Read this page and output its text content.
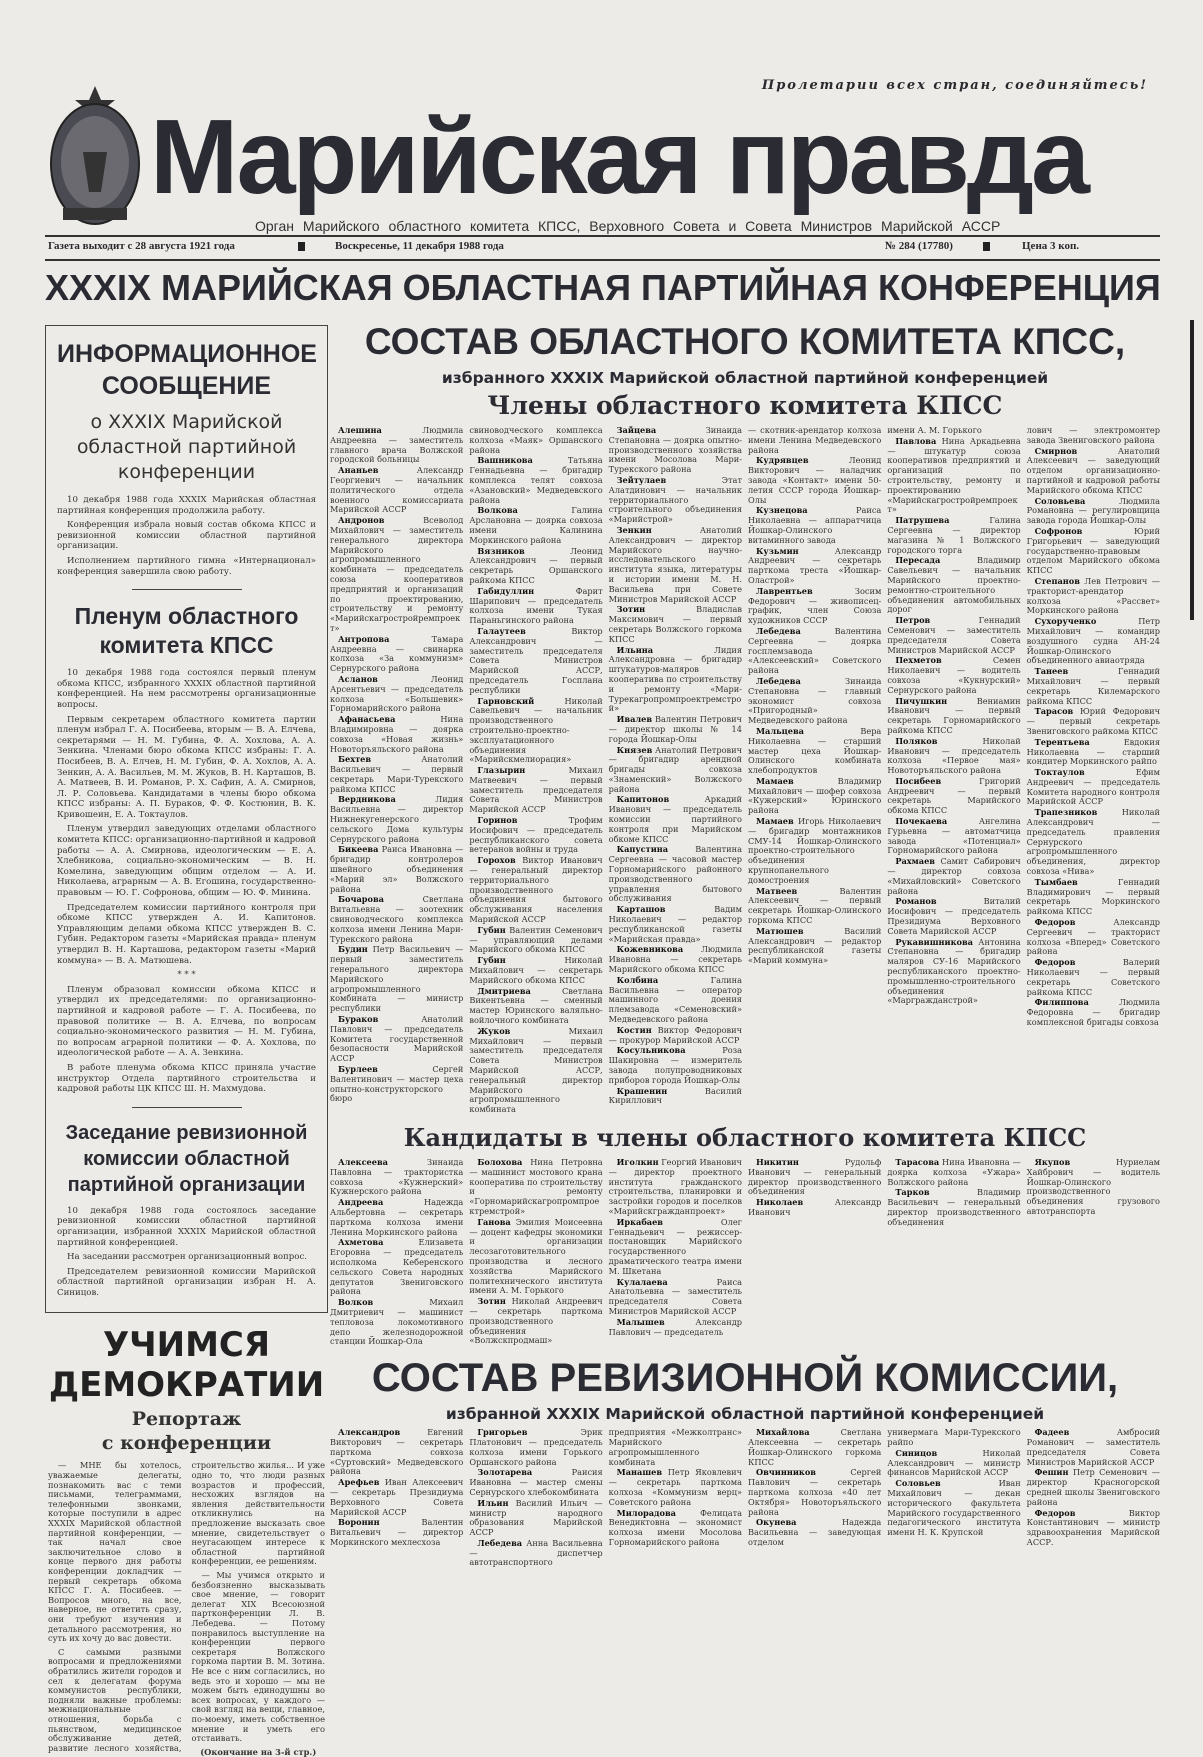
Пролетарии всех стран, соединяйтесь!
Марийская правда
Орган Марийского областного комитета КПСС, Верховного Совета и Совета Министров Марийской АССР
Газета выходит с 28 августа 1921 года	Воскресенье, 11 декабря 1988 года	№ 284 (17780)	Цена 3 коп.
XXXIX МАРИЙСКАЯ ОБЛАСТНАЯ ПАРТИЙНАЯ КОНФЕРЕНЦИЯ
ИНФОРМАЦИОННОЕ
СООБЩЕНИЕ
о XXXIX Марийской областной партийной конференции

10 декабря 1988 года XXXIX Марийская областная партийная конференция продолжила работу.

Конференция избрала новый состав обкома КПСС и ревизионной комиссии областной партийной организации.

Исполнением партийного гимна «Интернационал» конференция завершила свою работу.

Пленум областного
комитета КПСС

10 декабря 1988 года состоялся первый пленум обкома КПСС, избранного XXXIX областной партийной конференцией. На нем рассмотрены организационные вопросы.

Первым секретарем областного комитета партии пленум избрал Г. А. Посибеева, вторым — В. А. Елчева, секретарями — Н. М. Губина, Ф. А. Хохлова, А. А. Зенкина. Членами бюро обкома КПСС избраны: Г. А. Посибеев, В. А. Елчев, Н. М. Губин, Ф. А. Хохлов, А. А. Зенкин, А. А. Васильев, М. М. Жуков, В. Н. Карташов, В. А. Матвеев, В. И. Романов, Р. Х. Сафин, А. А. Смирнов, Л. Р. Соловьева. Кандидатами в члены бюро обкома КПСС избраны: А. П. Бураков, Ф. Ф. Костюнин, В. К. Кривошеин, Е. А. Токтаулов.

Пленум утвердил заведующих отделами областного комитета КПСС: организационно-партийной и кадровой работы — А. А. Смирнова, идеологическим — Е. А. Хлебникова, социально-экономическим — В. Н. Комелина, заведующим общим отделом — А. И. Николаева, аграрным — А. В. Егошина, государственно-правовым — Ю. Г. Софронова, общим — Ю. Ф. Минина.

Председателем комиссии партийного контроля при обкоме КПСС утвержден А. И. Капитонов. Управляющим делами обкома КПСС утвержден В. С. Губин. Редактором газеты «Марийская правда» пленум утвердил В. Н. Карташова, редактором газеты «Марий коммуна» — В. А. Матюшева.

* * *

Пленум образовал комиссии обкома КПСС и утвердил их председателями: по организационно-партийной и кадровой работе — Г. А. Посибеева, по правовой политике — В. А. Елчева, по вопросам социально-экономического развития — Н. М. Губина, по вопросам аграрной политики — Ф. А. Хохлова, по идеологической работе — А. А. Зенкина.

В работе пленума обкома КПСС приняла участие инструктор Отдела партийного строительства и кадровой работы ЦК КПСС Ш. Н. Махмудова.

Заседание ревизионной
комиссии областной
партийной организации

10 декабря 1988 года состоялось заседание ревизионной комиссии областной партийной организации, избранной XXXIX Марийской областной партийной конференцией.

На заседании рассмотрен организационный вопрос.

Председателем ревизионной комиссии Марийской областной партийной организации избран Н. А. Синицов.

УЧИМСЯ
ДЕМОКРАТИИ
Репортаж
с конференции

— МНЕ бы хотелось, уважаемые делегаты, познакомить вас с теми письмами, телеграммами, телефонными звонками, которые поступили в адрес XXXIX Марийской областной партийной конференции, — так начал свое заключительное слово в конце первого дня работы конференции докладчик — первый секретарь обкома КПСС Г. А. Посибеев. — Вопросов много, на все, наверное, не ответить сразу, они требуют изучения и детального рассмотрения, но суть их хочу до вас довести.

С самыми разными вопросами и предложениями обратились жители городов и сел к делегатам форума коммунистов республики, подняли важные проблемы: межнациональные отношения, борьба с пьянством, медицинское обслуживание детей, развитие лесного хозяйства, строительство жилья... И уже одно то, что люди разных возрастов и профессий, несхожих взглядов на явления действительности откликнулись на предложение высказать свое мнение, свидетельствует о неугасающем интересе к областной партийной конференции, ее решениям.

— Мы учимся открыто и безбоязненно высказывать свое мнение, — говорит делегат XIX Всесоюзной партконференции Л. В. Лебедева. — Потому понравилось выступление на конференции первого секретаря Волжского горкома партии В. М. Зотина. Не все с ним согласились, но ведь это и хорошо — мы не можем быть единодушны во всех вопросах, у каждого — свой взгляд на вещи, главное, по-моему, иметь собственное мнение и уметь его отстаивать.

(Окончание на 3-й стр.)
СОСТАВ ОБЛАСТНОГО КОМИТЕТА КПСС,
избранного XXXIX Марийской областной партийной конференцией
Члены областного комитета КПСС

Алешина	Людмила Андреевна — заместитель главного врача Волжской городской больницы

Ананьев	Александр Георгиевич — начальник политического отдела военного комиссариата Марийской АССР

Андронов	Всеволод Михайлович — заместитель генерального директора Марийского агропромышленного комбината — председатель союза кооперативов предприятий и организаций по проектированию, строительству и ремонту «Марийскагростройремпроект»

Антропова	Тамара Андреевна — свинарка колхоза «За коммунизм» Сернурского района

Асланов	Леонид Арсентьевич — председатель колхоза «Большевик» Горномарийского района

Афанасьева	Нина Владимировна — доярка совхоза «Новая жизнь» Новоторъяльского района

Бехтев	Анатолий Васильевич — первый секретарь Мари-Турекского райкома КПСС

Вердникова	Лидия Васильевна — директор Нижнекугенерского сельского Дома культуры Сернурского района

Бикеева Раиса Ивановна — бригадир контролеров швейного объединения «Марий эл» Волжского района

Бочарова	Светлана Витальевна — зоотехник свиноводческого комплекса колхоза имени Ленина Мари-Турекского района

Будин Петр Васильевич — первый заместитель генерального директора Марийского агропромышленного комбината — министр республики

Бураков	Анатолий Павлович — председатель Комитета государственной безопасности Марийской АССР

Бурлеев	Сергей Валентинович — мастер цеха опытно-конструкторского бюро

свиноводческого комплекса колхоза «Маяк» Оршанского района

Вашникова	Татьяна Геннадьевна — бригадир комплекса телят совхоза «Азановский» Медведевского района

Волкова	Галина Арслановна — доярка совхоза имени Калинина Моркинского района

Вязников	Леонид Александрович — первый секретарь Оршанского райкома КПСС

Габидуллин	Фарит Шарипович — председатель колхоза имени Тукая Параньгинского района

Галаутеев	Виктор Александрович — заместитель председателя Совета Министров Марийской АССР, председатель Госплана республики

Гарновский	Николай Савельевич — начальник производственного строительно-проектно-эксплуатационного объединения «Марийскмелиорация»

Глазырин	Михаил Матвеевич — первый заместитель председателя Совета Министров Марийской АССР

Горинов	Трофим Иосифович — председатель республиканского совета ветеранов войны и труда

Горохов Виктор Иванович — генеральный директор территориального производственного объединения бытового обслуживания населения Марийской АССР

Губин Валентин Семенович — управляющий делами Марийского обкома КПСС

Губин	Николай Михайлович — секретарь Марийского обкома КПСС

Дмитриева	Светлана Викентьевна — сменный мастер Юринского валяльно-войлочного комбината

Жуков	Михаил Михайлович — первый заместитель председателя Совета Министров Марийской АССР, генеральный директор Марийского агропромышленного комбината

Зайцева	Зинаида Степановна — доярка опытно-производственного хозяйства имени Мосолова Мари-Турекского района

Зейтулаев	Этат Алатдинович — начальник территориального строительного объединения «Марийстрой»

Зенкин	Анатолий Александрович — директор Марийского научно-исследовательского института языка, литературы и истории имени М. Н. Васильева при Совете Министров Марийской АССР

Зотин	Владислав Максимович — первый секретарь Волжского горкома КПСС

Ильина	Лидия Александровна — бригадир штукатуров-маляров кооператива по строительству и ремонту «Мари-Турекагропромпроектремстрой»

Ивалев Валентин Петрович — директор школы № 14 города Йошкар-Олы

Князев Анатолий Петрович — бригадир арендной бригады совхоза «Знаменский» Волжского района

Капитонов	Аркадий Иванович — председатель комиссии партийного контроля при Марийском обкоме КПСС

Капустина	Валентина Сергеевна — часовой мастер Горномарийского районного производственного управления бытового обслуживания

Карташов	Вадим Николаевич — редактор республиканской газеты «Марийская правда»

Кожевникова Людмила Ивановна — секретарь Марийского обкома КПСС

Колбина	Галина Васильевна — оператор машинного доения племзавода «Семеновский» Медведевского района

Костин Виктор Федорович — прокурор Марийской АССР

Косульникова	Роза Шакировна — измеритель завода полупроводниковых приборов города Йошкар-Олы

Крашенин	Василий Кириллович

— скотник-арендатор колхоза имени Ленина Медведевского района

Кудрявцев	Леонид Викторович — наладчик завода «Контакт» имени 50-летия СССР города Йошкар-Олы

Кузнецова	Раиса Николаевна — аппаратчица Йошкар-Олинского витаминного завода

Кузьмин	Александр Андреевич — секретарь парткома треста «Йошкар-Оластрой»

Лаврентьев	Зосим Федорович — живописец-график, член Союза художников СССР

Лебедева	Валентина Сергеевна — доярка госплемзавода «Алексеевский» Советского района

Лебедева	Зинаида Степановна — главный экономист совхоза «Пригородный» Медведевского района

Мальцева	Вера Николаевна — старший мастер цеха Йошкар-Олинского комбината хлебопродуктов

Мамаев	Владимир Михайлович — шофер совхоза «Кужерский» Юринского района

Мамаев Игорь Николаевич — бригадир монтажников СМУ-14 Йошкар-Олинского проектно-строительного объединения крупнопанельного домостроения

Матвеев	Валентин Алексеевич — первый секретарь Йошкар-Олинского горкома КПСС

Матюшев	Василий Александрович — редактор республиканской газеты «Марий коммуна»

имени А. М. Горького

Павлова Нина Аркадьевна — штукатур союза кооперативов предприятий и организаций по строительству, ремонту и проектированию «Марийскагростройремпроект»

Патрушева	Галина Сергеевна — директор магазина № 1 Волжского городского торга

Пересада	Владимир Савельевич — начальник Марийского проектно-ремонтно-строительного объединения автомобильных дорог

Петров	Геннадий Семенович — заместитель председателя Совета Министров Марийской АССР

Пехметов	Семен Николаевич — водитель совхоза «Кукнурский» Сернурского района

Пичушкин	Вениамин Иванович — первый секретарь Горномарийского райкома КПСС

Поляков	Николай Иванович — председатель колхоза «Первое мая» Новоторъяльского района

Посибеев	Григорий Андреевич — первый секретарь Марийского обкома КПСС

Почекаева	Ангелина Гурьевна — автоматчица завода «Потенциал» Горномарийского района

Рахмаев Самит Сабирович — директор совхоза «Михайловский» Советского района

Романов	Виталий Иосифович — председатель Президиума Верховного Совета Марийской АССР

Рукавишникова Антонина Степановна — бригадир маляров СУ-16 Марийского республиканского проектно-промышленно-строительного объединения «Маргражданстрой»

лович — электромонтер завода Звениговского района

Смирнов	Анатолий Алексеевич — заведующий отделом организационно-партийной и кадровой работы Марийского обкома КПСС

Соловьева	Людмила Романовна — регулировщица завода города Йошкар-Олы

Софронов	Юрий Григорьевич — заведующий государственно-правовым отделом Марийского обкома КПСС

Степанов Лев Петрович — тракторист-арендатор колхоза «Рассвет» Моркинского района

Сухорученко	Петр Михайлович — командир воздушного судна АН-24 Йошкар-Олинского объединенного авиаотряда

Танеев	Геннадий Михайлович — первый секретарь Килемарского райкома КПСС

Тарасов Юрий Федорович — первый секретарь Звениговского райкома КПСС

Терентьева	Евдокия Николаевна — старший кондитер Моркинского райпо

Токтаулов	Ефим Андреевич — председатель Комитета народного контроля Марийской АССР

Трапезников	Николай Александрович — председатель правления Сернурского агропромышленного объединения, директор совхоза «Нива»

Тымбаев	Геннадий Владимирович — первый секретарь Моркинского райкома КПСС

Федоров	Александр Сергеевич — тракторист колхоза «Вперед» Советского района

Федоров	Валерий Николаевич — первый секретарь Советского райкома КПСС

Филиппова	Людмила Федоровна — бригадир комплексной бригады совхоза

Кандидаты в члены областного комитета КПСС

Алексеева	Зинаида Павловна — трактористка совхоза «Кужнерский» Кужнерского района

Андреева	Надежда Альбертовна — секретарь парткома колхоза имени Ленина Моркинского района

Ахметова	Елизавета Егоровна — председатель исполкома Кеберенского сельского Совета народных депутатов Звениговского района

Волков	Михаил Дмитриевич — машинист тепловоза локомотивного депо железнодорожной станции Йошкар-Ола

Болохова Нина Петровна — машинист мостового крана кооператива по строительству и ремонту «Горномарийскагропромпроектремстрой»

Ганова Эмилия Моисеевна — доцент кафедры экономики и организации лесозаготовительного производства и лесного хозяйства Марийского политехнического института имени А. М. Горького

Зотин Николай Андреевич — секретарь парткома производственного объединения «Волжскпродмаш»

Иголкин Георгий Иванович — директор проектного института гражданского строительства, планировки и застройки городов и поселков «Марийскгражданпроект»

Иркабаев	Олег Геннадьевич — режиссер-постановщик Марийского государственного драматического театра имени М. Шкетана

Кулалаева	Раиса Анатольевна — заместитель председателя Совета Министров Марийской АССР

Малышев	Александр Павлович — председатель

Никитин	Рудольф Иванович — генеральный директор производственного объединения

Николаев	Александр Иванович

Тарасова Нина Ивановна — доярка колхоза «Ужара» Волжского района

Тарков	Владимир Васильевич — генеральный директор производственного объединения

Якупов	Нуриелам Хайбрович — водитель Йошкар-Олинского производственного объединения грузового автотранспорта

СОСТАВ РЕВИЗИОННОЙ КОМИССИИ,
избранной XXXIX Марийской областной партийной конференцией

Александров	Евгений Викторович — секретарь парткома совхоза «Суртовский» Медведевского района

Арефьев Иван Алексеевич — секретарь Президиума Верховного Совета Марийской АССР

Воронин	Валентин Витальевич — директор Моркинского мехлесхоза

Григорьев	Эрик Платонович — председатель колхоза имени Горького Оршанского района

Золотарева	Раисия Ивановна — мастер смены Сернурского хлебокомбината

Ильин Василий Ильич — министр народного образования Марийской АССР

Лебедева Анна Васильевна — диспетчер автотранспортного

предприятия «Межколтранс» Марийского агропромышленного комбината

Манашев Петр Яковлевич — секретарь парткома колхоза «Коммунизм верц» Советского района

Милорадова	Фелицата Венедиктовна — экономист колхоза имени Мосолова Горномарийского района

Михайлова	Светлана Алексеевна — секретарь Йошкар-Олинского горкома КПСС

Овчинников	Сергей Павлович — секретарь парткома колхоза «40 лет Октября» Новоторъяльского района

Окунева	Надежда Васильевна — заведующая отделом

универмага Мари-Турекского райпо

Синицов	Николай Александрович — министр финансов Марийской АССР

Соловьев	Иван Михайлович — декан исторического факультета Марийского государственного педагогического института имени Н. К. Крупской

Фадеев	Амбросий Романович — заместитель председателя Совета Министров Марийской АССР

Фешин Петр Семенович — директор Красногорской средней школы Звениговского района

Федоров	Виктор Константинович — министр здравоохранения Марийской АССР.
